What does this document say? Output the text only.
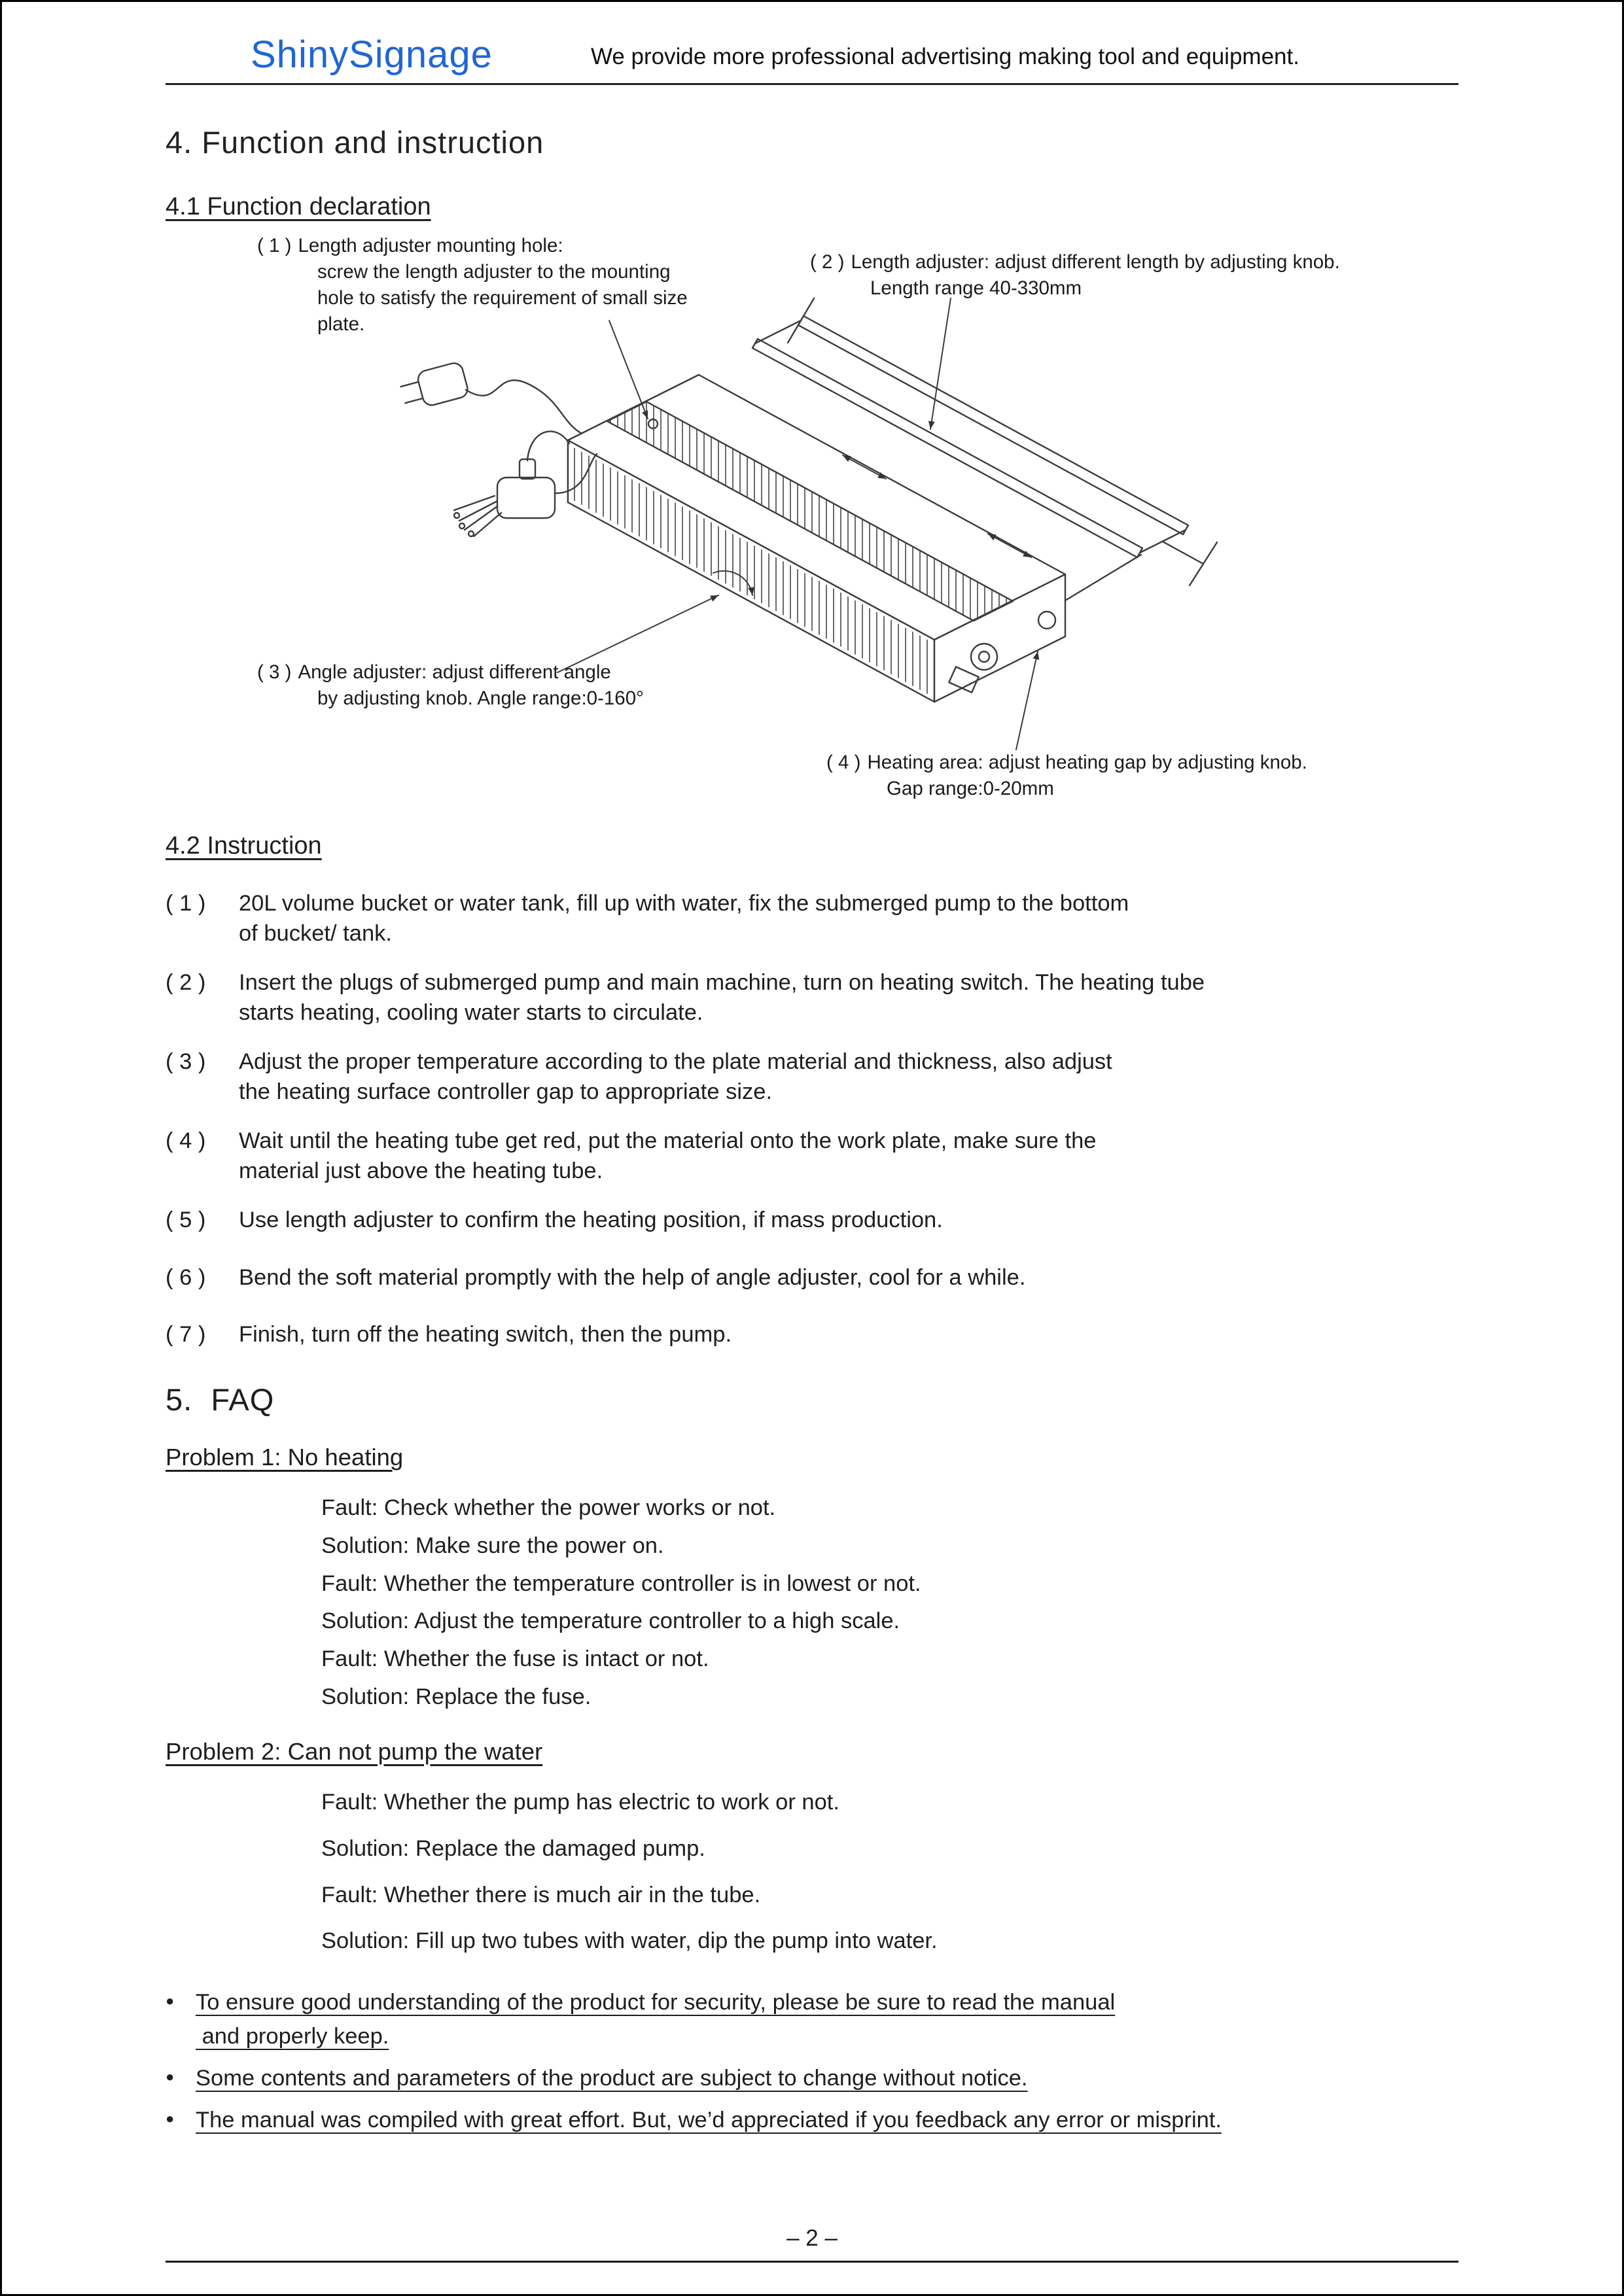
ShinySignage	We provide more professional advertising making tool and equipment.
4. Function and instruction
4.1 Function declaration
( 1 ) Length adjuster mounting hole:
screw the length adjuster to the mounting
hole to satisfy the requirement of small size
plate.
( 2 ) Length adjuster: adjust different length by adjusting knob.
Length range 40-330mm
( 3 ) Angle adjuster: adjust different angle
by adjusting knob. Angle range:0-160°
( 4 ) Heating area: adjust heating gap by adjusting knob.
Gap range:0-20mm
4.2 Instruction
( 1 )	20L volume bucket or water tank, fill up with water, fix the submerged pump to the bottom
of bucket/ tank.
( 2 )	Insert the plugs of submerged pump and main machine, turn on heating switch. The heating tube
starts heating, cooling water starts to circulate.
( 3 )	Adjust the proper temperature according to the plate material and thickness, also adjust
the heating surface controller gap to appropriate size.
( 4 )	Wait until the heating tube get red, put the material onto the work plate, make sure the
material just above the heating tube.
( 5 )	Use length adjuster to confirm the heating position, if mass production.
( 6 )	Bend the soft material promptly with the help of angle adjuster, cool for a while.
( 7 )	Finish, turn off the heating switch, then the pump.
5.  FAQ
Problem 1: No heating
Fault: Check whether the power works or not.
Solution: Make sure the power on.
Fault: Whether the temperature controller is in lowest or not.
Solution: Adjust the temperature controller to a high scale.
Fault: Whether the fuse is intact or not.
Solution: Replace the fuse.
Problem 2: Can not pump the water
Fault: Whether the pump has electric to work or not.
Solution: Replace the damaged pump.
Fault: Whether there is much air in the tube.
Solution: Fill up two tubes with water, dip the pump into water.
● To ensure good understanding of the product for security, please be sure to read the manual
and properly keep.
● Some contents and parameters of the product are subject to change without notice.
● The manual was compiled with great effort. But, we’d appreciated if you feedback any error or misprint.
– 2 –
